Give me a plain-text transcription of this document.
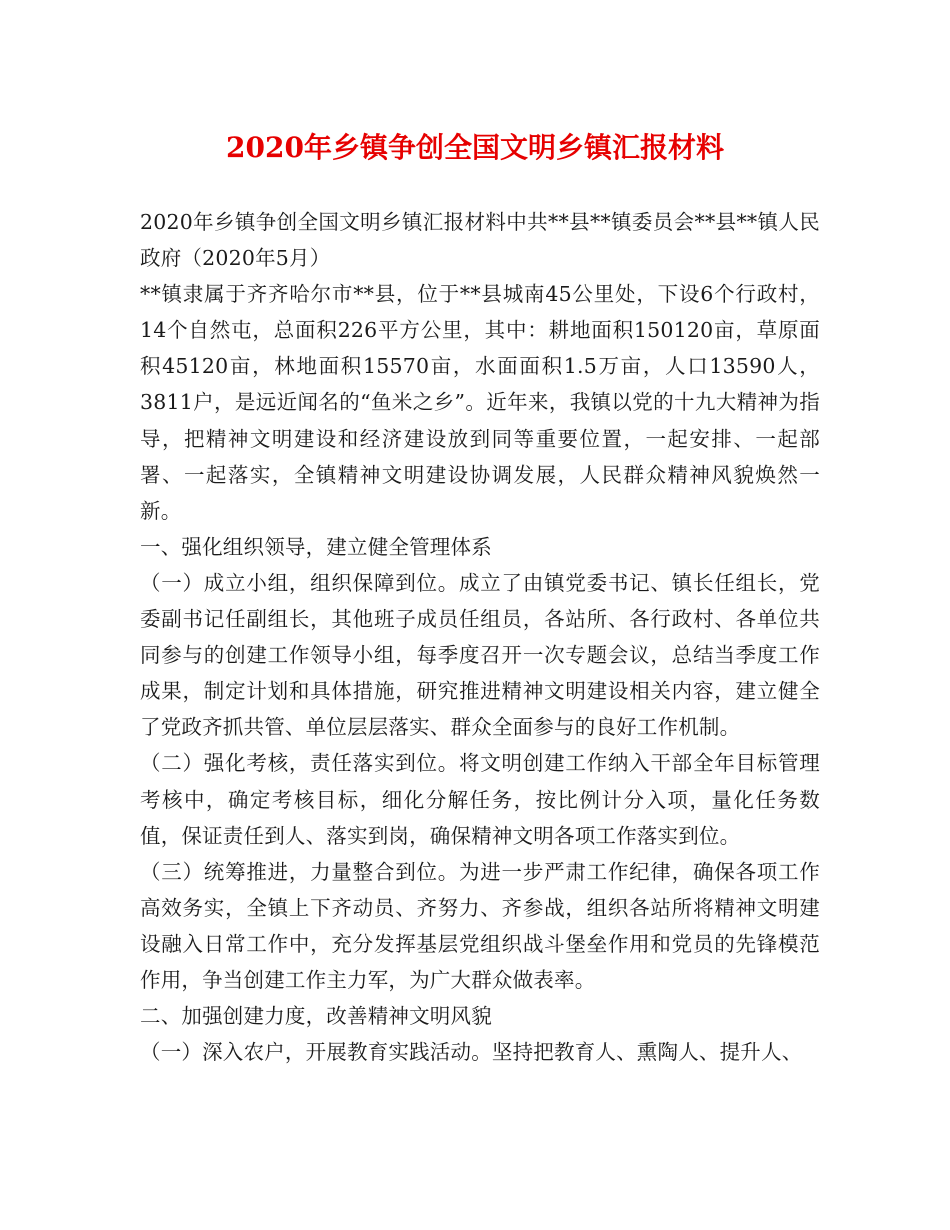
2020年乡镇争创全国文明乡镇汇报材料

2020年乡镇争创全国文明乡镇汇报材料中共**县**镇委员会**县**镇人民政府（2020年5月）

**镇隶属于齐齐哈尔市**县，位于**县城南45公里处，下设6个行政村，14个自然屯，总面积226平方公里，其中：耕地面积150120亩，草原面积45120亩，林地面积15570亩，水面面积1.5万亩，人口13590人，3811户，是远近闻名的“鱼米之乡”。近年来，我镇以党的十九大精神为指导，把精神文明建设和经济建设放到同等重要位置，一起安排、一起部署、一起落实，全镇精神文明建设协调发展，人民群众精神风貌焕然一新。

一、强化组织领导，建立健全管理体系

（一）成立小组，组织保障到位。成立了由镇党委书记、镇长任组长，党委副书记任副组长，其他班子成员任组员，各站所、各行政村、各单位共同参与的创建工作领导小组，每季度召开一次专题会议，总结当季度工作成果，制定计划和具体措施，研究推进精神文明建设相关内容，建立健全了党政齐抓共管、单位层层落实、群众全面参与的良好工作机制。

（二）强化考核，责任落实到位。将文明创建工作纳入干部全年目标管理考核中，确定考核目标，细化分解任务，按比例计分入项，量化任务数值，保证责任到人、落实到岗，确保精神文明各项工作落实到位。

（三）统筹推进，力量整合到位。为进一步严肃工作纪律，确保各项工作高效务实，全镇上下齐动员、齐努力、齐参战，组织各站所将精神文明建设融入日常工作中，充分发挥基层党组织战斗堡垒作用和党员的先锋模范作用，争当创建工作主力军，为广大群众做表率。

二、加强创建力度，改善精神文明风貌

（一）深入农户，开展教育实践活动。坚持把教育人、熏陶人、提升人、
